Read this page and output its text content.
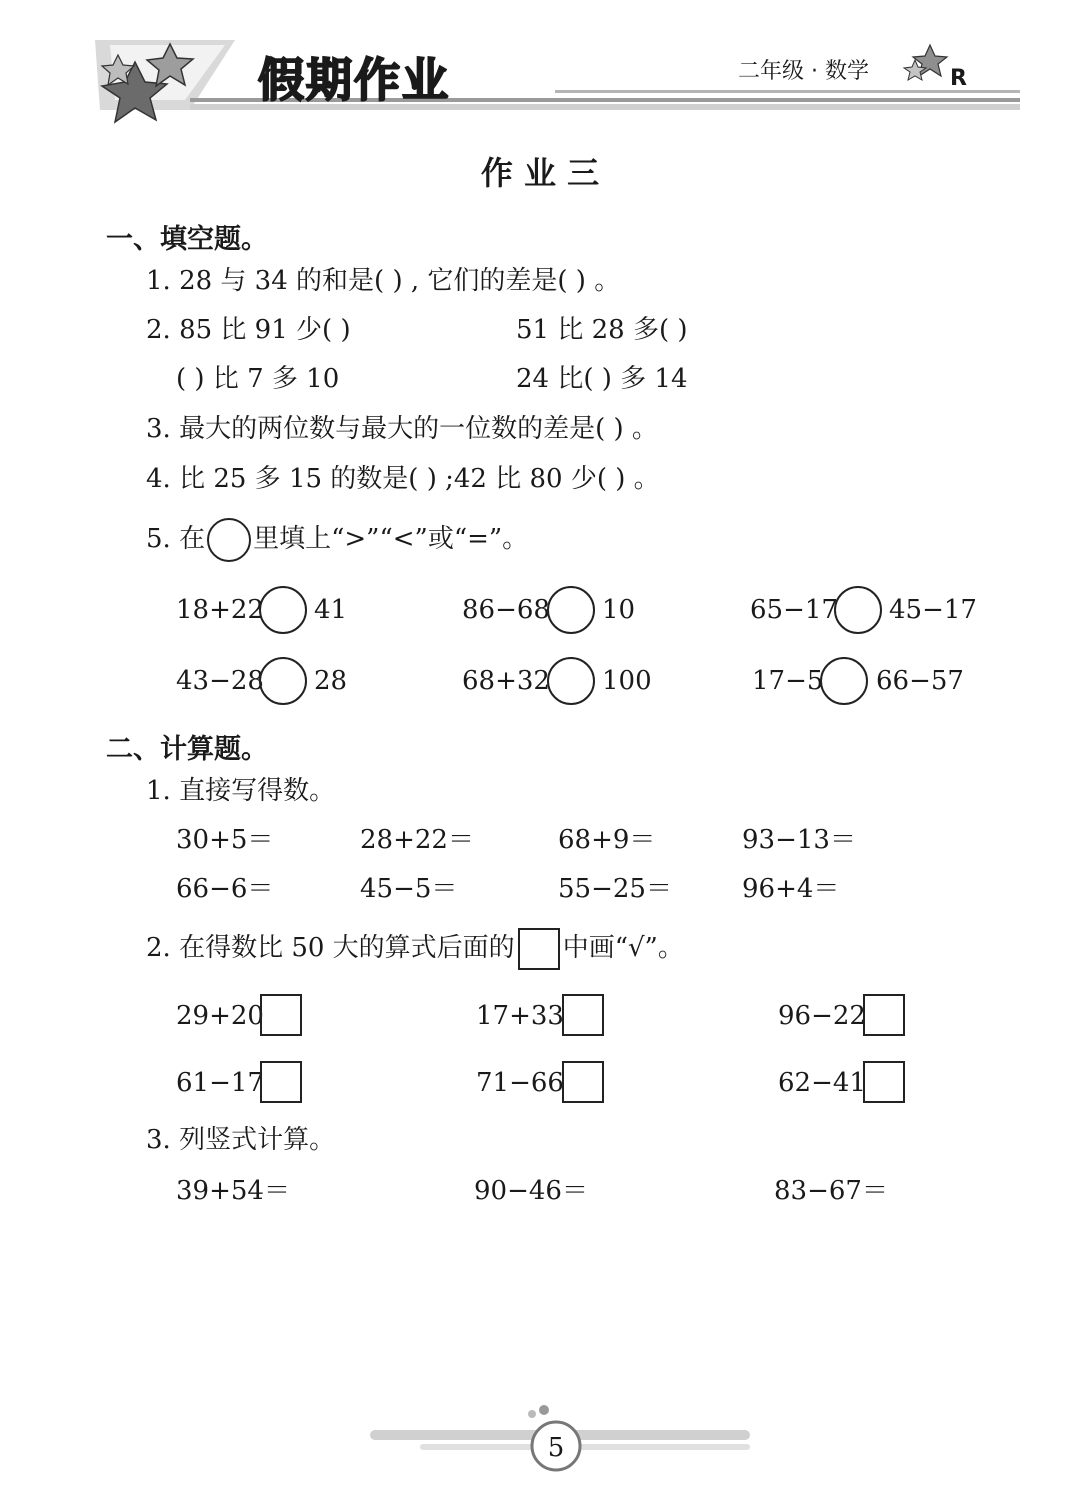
假期作业	二年级 · 数学	R
作 业 三
一、填空题。
1. 28 与 34 的和是( ) , 它们的差是( ) 。
2. 85 比 91 少( )	51 比 28 多( )
( ) 比 7 多 10	24 比( ) 多 14
3. 最大的两位数与最大的一位数的差是( ) 。
4. 比 25 多 15 的数是( ) ;42 比 80 少( ) 。
5. 在 里填上“>”“<”或“=”。
18+22 41	86−68 10	65−17 45−17
43−28 28	68+32 100	17−5 66−57
二、计算题。
1. 直接写得数。
30+5＝	28+22＝	68+9＝	93−13＝
66−6＝	45−5＝	55−25＝	96+4＝
2. 在得数比 50 大的算式后面的 中画“√”。
29+20	17+33	96−22
61−17	71−66	62−41
3. 列竖式计算。
39+54＝	90−46＝	83−67＝
5
